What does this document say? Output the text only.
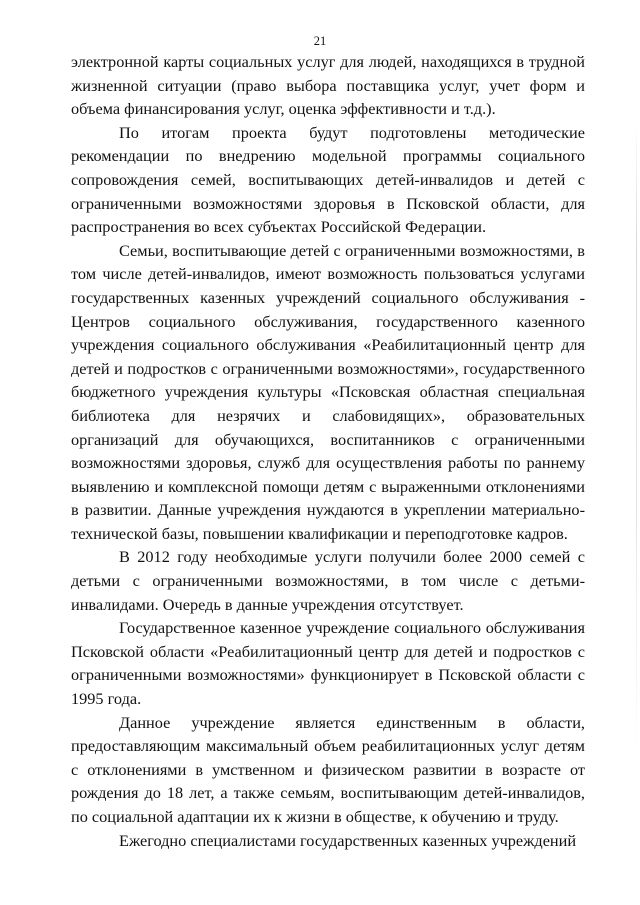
21

электронной карты социальных услуг для людей, находящихся в трудной жизненной ситуации (право выбора поставщика услуг, учет форм и объема финансирования услуг, оценка эффективности и т.д.).

По итогам проекта будут подготовлены методические рекомендации по внедрению модельной программы социального сопровождения семей, воспитывающих детей-инвалидов и детей с ограниченными возможностями здоровья в Псковской области, для распространения во всех субъектах Российской Федерации.

Семьи, воспитывающие детей с ограниченными возможностями, в том числе детей-инвалидов, имеют возможность пользоваться услугами государственных казенных учреждений социального обслуживания - Центров социального обслуживания, государственного казенного учреждения социального обслуживания «Реабилитационный центр для детей и подростков с ограниченными возможностями», государственного бюджетного учреждения культуры «Псковская областная специальная библиотека для незрячих и слабовидящих», образовательных организаций для обучающихся, воспитанников с ограниченными возможностями здоровья, служб для осуществления работы по раннему выявлению и комплексной помощи детям с выраженными отклонениями в развитии. Данные учреждения нуждаются в укреплении материально-технической базы, повышении квалификации и переподготовке кадров.

В 2012 году необходимые услуги получили более 2000 семей с детьми с ограниченными возможностями, в том числе с детьми-инвалидами. Очередь в данные учреждения отсутствует.

Государственное казенное учреждение социального обслуживания Псковской области «Реабилитационный центр для детей и подростков с ограниченными возможностями» функционирует в Псковской области с 1995 года.

Данное учреждение является единственным в области, предоставляющим максимальный объем реабилитационных услуг детям с отклонениями в умственном и физическом развитии в возрасте от рождения до 18 лет, а также семьям, воспитывающим детей-инвалидов, по социальной адаптации их к жизни в обществе, к обучению и труду.

Ежегодно специалистами государственных казенных учреждений
